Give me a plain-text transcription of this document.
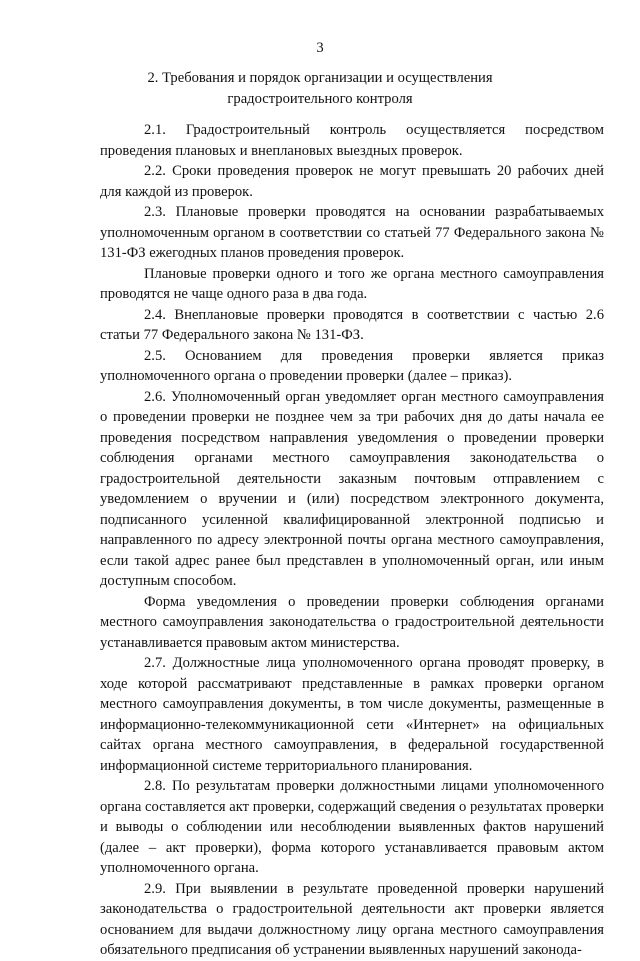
3
2. Требования и порядок организации и осуществления
градостроительного контроля

2.1. Градостроительный контроль осуществляется посредством проведения плановых и внеплановых выездных проверок.

2.2. Сроки проведения проверок не могут превышать 20 рабочих дней для каждой из проверок.

2.3. Плановые проверки проводятся на основании разрабатываемых уполномоченным органом в соответствии со статьей 77 Федерального закона № 131-ФЗ ежегодных планов проведения проверок.

Плановые проверки одного и того же органа местного самоуправления проводятся не чаще одного раза в два года.

2.4. Внеплановые проверки проводятся в соответствии с частью 2.6 статьи 77 Федерального закона № 131-ФЗ.

2.5. Основанием для проведения проверки является приказ уполномоченного органа о проведении проверки (далее – приказ).

2.6. Уполномоченный орган уведомляет орган местного самоуправления о проведении проверки не позднее чем за три рабочих дня до даты начала ее проведения посредством направления уведомления о проведении проверки соблюдения органами местного самоуправления законодательства о градостроительной деятельности заказным почтовым отправлением с уведомлением о вручении и (или) посредством электронного документа, подписанного усиленной квалифицированной электронной подписью и направленного по адресу электронной почты органа местного самоуправления, если такой адрес ранее был представлен в уполномоченный орган, или иным доступным способом.

Форма уведомления о проведении проверки соблюдения органами местного самоуправления законодательства о градостроительной деятельности устанавливается правовым актом министерства.

2.7. Должностные лица уполномоченного органа проводят проверку, в ходе которой рассматривают представленные в рамках проверки органом местного самоуправления документы, в том числе документы, размещенные в информационно-телекоммуникационной сети «Интернет» на официальных сайтах органа местного самоуправления, в федеральной государственной информационной системе территориального планирования.

2.8. По результатам проверки должностными лицами уполномоченного органа составляется акт проверки, содержащий сведения о результатах проверки и выводы о соблюдении или несоблюдении выявленных фактов нарушений (далее – акт проверки), форма которого устанавливается правовым актом уполномоченного органа.

2.9. При выявлении в результате проведенной проверки нарушений законодательства о градостроительной деятельности акт проверки является основанием для выдачи должностному лицу органа местного самоуправления обязательного предписания об устранении выявленных нарушений законода-
